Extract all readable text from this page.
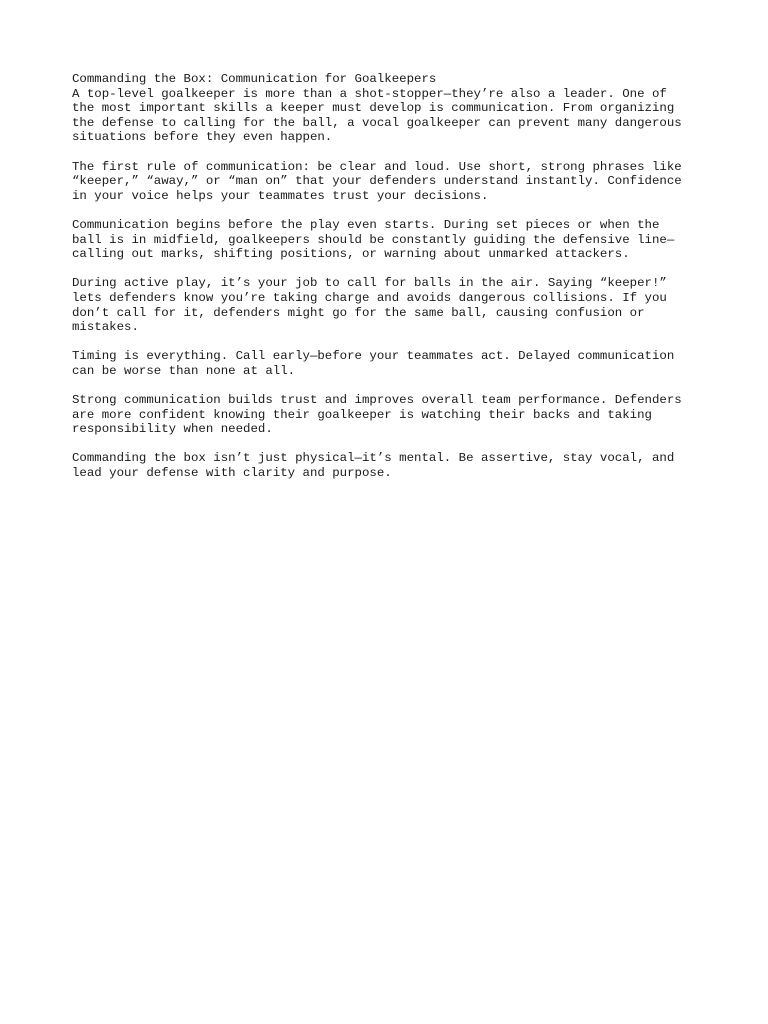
Commanding the Box: Communication for Goalkeepers

A top-level goalkeeper is more than a shot-stopper—they’re also a leader. One of
the most important skills a keeper must develop is communication. From organizing
the defense to calling for the ball, a vocal goalkeeper can prevent many dangerous
situations before they even happen.

The first rule of communication: be clear and loud. Use short, strong phrases like
“keeper,” “away,” or “man on” that your defenders understand instantly. Confidence
in your voice helps your teammates trust your decisions.

Communication begins before the play even starts. During set pieces or when the
ball is in midfield, goalkeepers should be constantly guiding the defensive line—
calling out marks, shifting positions, or warning about unmarked attackers.

During active play, it’s your job to call for balls in the air. Saying “keeper!”
lets defenders know you’re taking charge and avoids dangerous collisions. If you
don’t call for it, defenders might go for the same ball, causing confusion or
mistakes.

Timing is everything. Call early—before your teammates act. Delayed communication
can be worse than none at all.

Strong communication builds trust and improves overall team performance. Defenders
are more confident knowing their goalkeeper is watching their backs and taking
responsibility when needed.

Commanding the box isn’t just physical—it’s mental. Be assertive, stay vocal, and
lead your defense with clarity and purpose.
